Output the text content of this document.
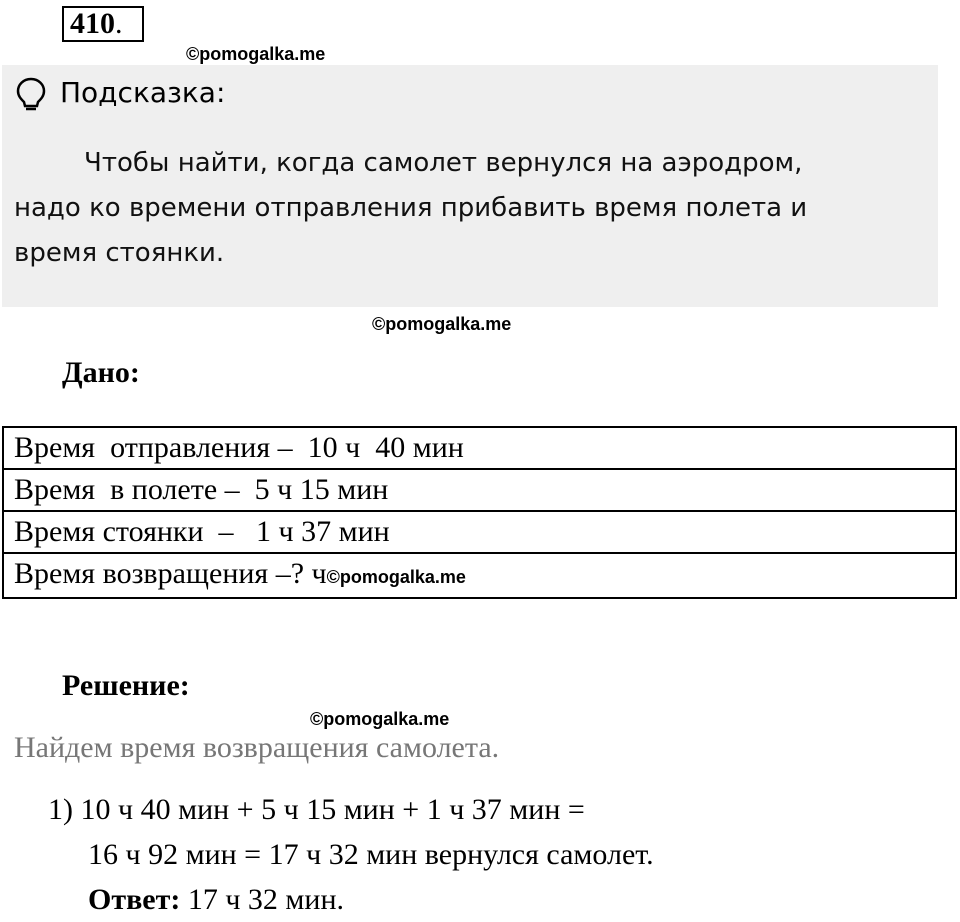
410.
©pomogalka.me
Подсказка:
Чтобы найти, когда самолет вернулся на аэродром,
надо ко времени отправления прибавить время полета и
время стоянки.
©pomogalka.me
Дано:
Время  отправления –  10 ч  40 мин
Время  в полете –  5 ч 15 мин
Время стоянки  –   1 ч 37 мин
Время возвращения –? ч©pomogalka.me
Решение:
©pomogalka.me
Найдем время возвращения самолета.
1) 10 ч 40 мин + 5 ч 15 мин + 1 ч 37 мин =
16 ч 92 мин = 17 ч 32 мин вернулся самолет.
Ответ: 17 ч 32 мин.
